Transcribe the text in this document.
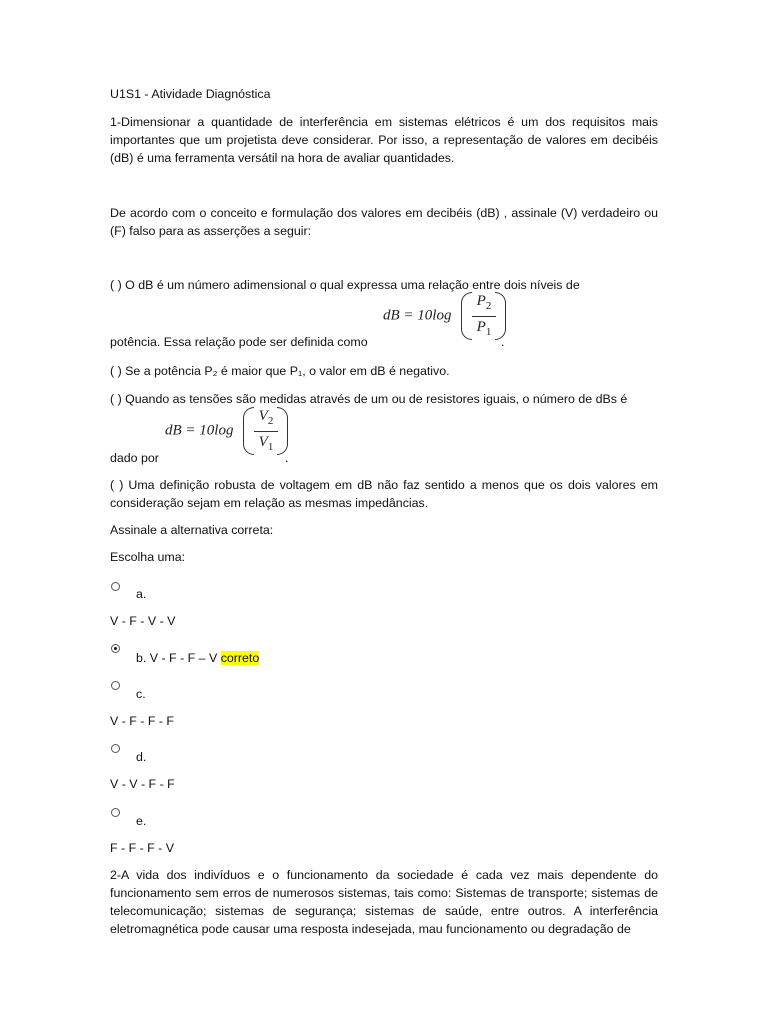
U1S1 - Atividade Diagnóstica
1-Dimensionar a quantidade de interferência em sistemas elétricos é um dos requisitos mais importantes que um projetista deve considerar. Por isso, a representação de valores em decibéis (dB) é uma ferramenta versátil na hora de avaliar quantidades.
De acordo com o conceito e formulação dos valores em decibéis (dB) , assinale (V) verdadeiro ou (F) falso para as asserções a seguir:
( ) O dB é um número adimensional o qual expressa uma relação entre dois níveis de
dB = 10log
$P_2$
$P_1$
potência. Essa relação pode ser definida como	.
( ) Se a potência P₂ é maior que P₁, o valor em dB é negativo.
( ) Quando as tensões são medidas através de um ou de resistores iguais, o número de dBs é
dB = 10log
$V_2$
$V_1$
dado por	.
( ) Uma definição robusta de voltagem em dB não faz sentido a menos que os dois valores em consideração sejam em relação as mesmas impedâncias.
Assinale a alternativa correta:
Escolha uma:
a.
V - F - V - V
b. V - F - F – V correto
c.
V - F - F - F
d.
V - V - F - F
e.
F - F - F - V
2-A vida dos indivíduos e o funcionamento da sociedade é cada vez mais dependente do funcionamento sem erros de numerosos sistemas, tais como: Sistemas de transporte; sistemas de telecomunicação; sistemas de segurança; sistemas de saúde, entre outros. A interferência eletromagnética pode causar uma resposta indesejada, mau funcionamento ou degradação de
